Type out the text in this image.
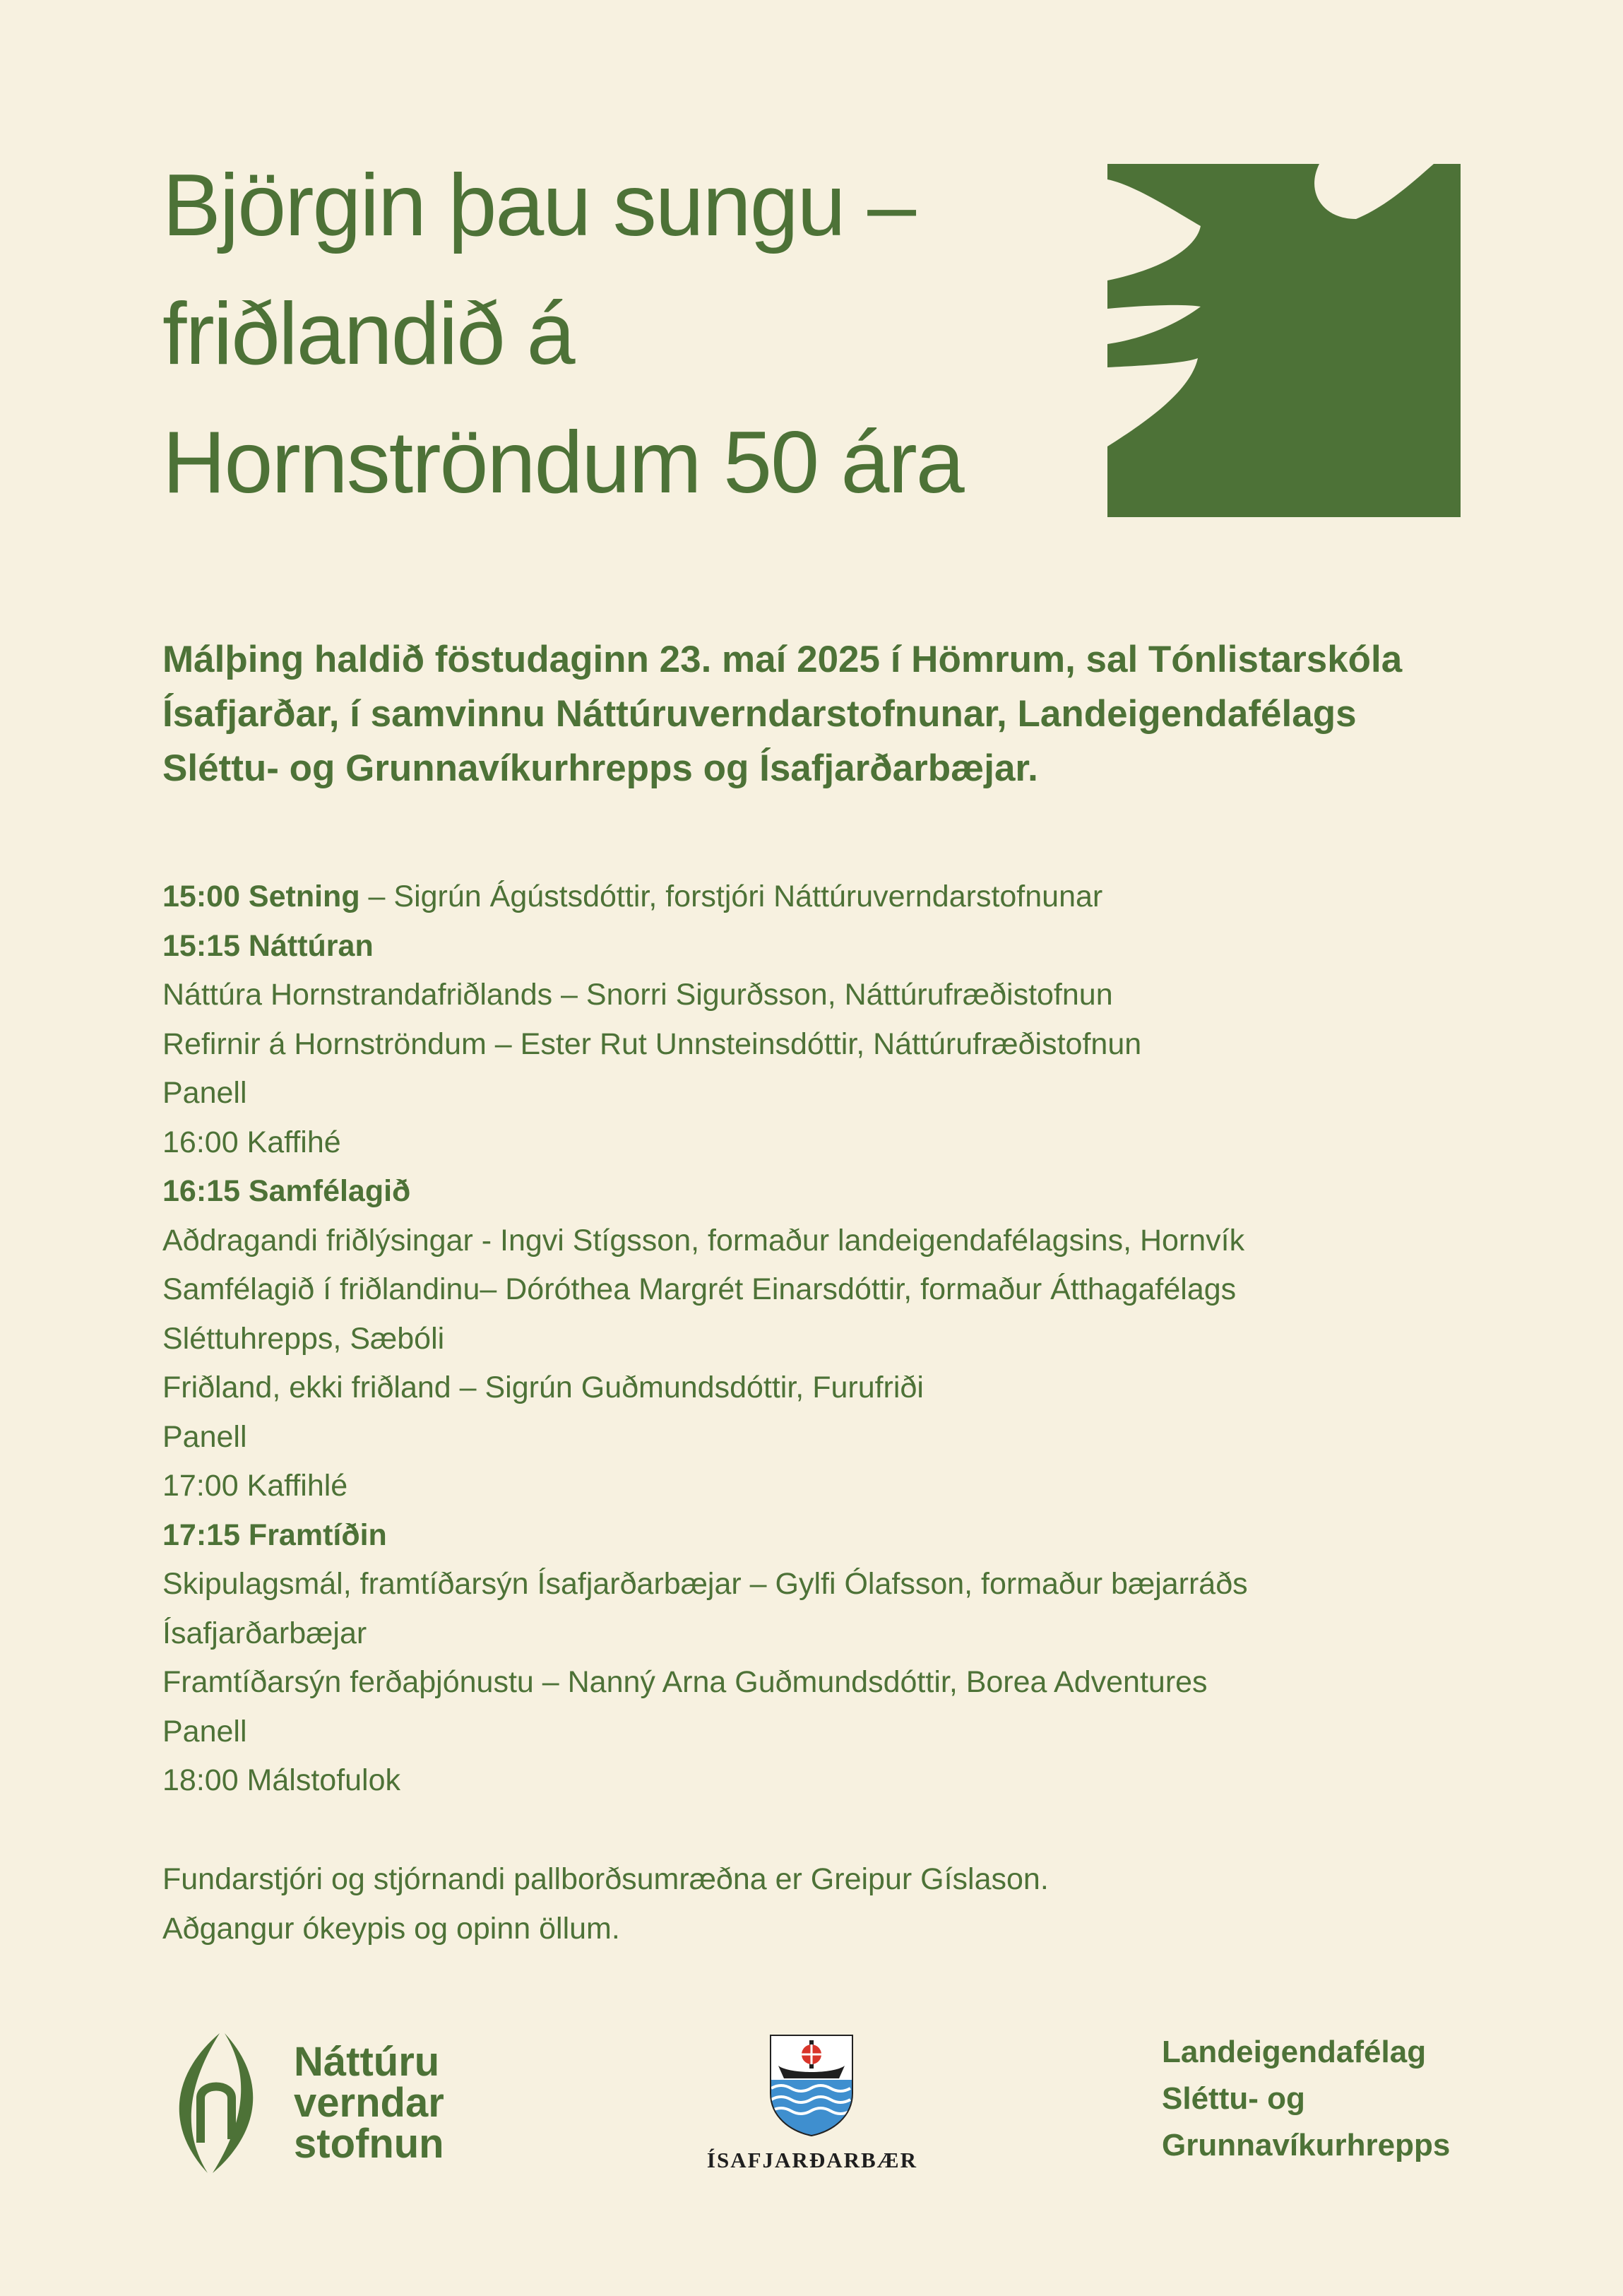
Björgin þau sungu –
friðlandið á
Hornströndum 50 ára

Málþing haldið föstudaginn 23. maí 2025 í Hömrum, sal Tónlistarskóla
Ísafjarðar, í samvinnu Náttúruverndarstofnunar, Landeigendafélags
Sléttu- og Grunnavíkurhrepps og Ísafjarðarbæjar.

15:00 Setning – Sigrún Ágústsdóttir, forstjóri Náttúruverndarstofnunar
15:15 Náttúran
Náttúra Hornstrandafriðlands – Snorri Sigurðsson, Náttúrufræðistofnun
Refirnir á Hornströndum – Ester Rut Unnsteinsdóttir, Náttúrufræðistofnun
Panell
16:00 Kaffihé
16:15 Samfélagið
Aðdragandi friðlýsingar - Ingvi Stígsson, formaður landeigendafélagsins, Hornvík
Samfélagið í friðlandinu– Dóróthea Margrét Einarsdóttir, formaður Átthagafélags
Sléttuhrepps, Sæbóli
Friðland, ekki friðland – Sigrún Guðmundsdóttir, Furufriði
Panell
17:00 Kaffihlé
17:15 Framtíðin
Skipulagsmál, framtíðarsýn Ísafjarðarbæjar – Gylfi Ólafsson, formaður bæjarráðs
Ísafjarðarbæjar
Framtíðarsýn ferðaþjónustu – Nanný Arna Guðmundsdóttir, Borea Adventures
Panell
18:00 Málstofulok
Fundarstjóri og stjórnandi pallborðsumræðna er Greipur Gíslason.
Aðgangur ókeypis og opinn öllum.
Náttúru
verndar
stofnun	ÍSAFJARÐARBÆR
Landeigendafélag
Sléttu- og
Grunnavíkurhrepps
